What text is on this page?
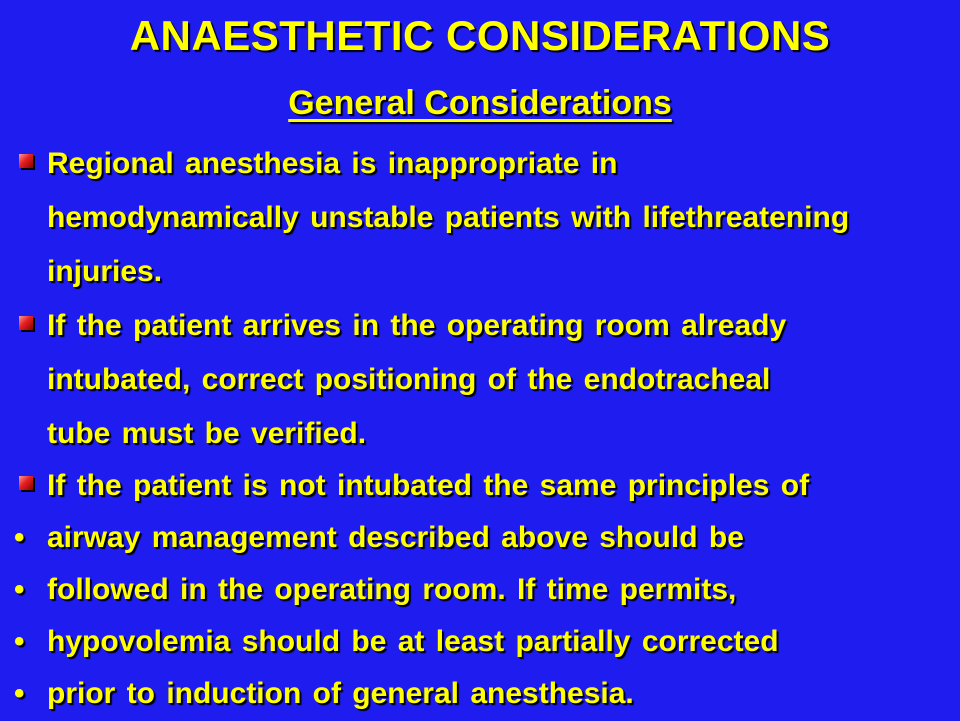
ANAESTHETIC CONSIDERATIONS
General Considerations
Regional anesthesia is inappropriate in
hemodynamically unstable patients with lifethreatening
injuries.
If the patient arrives in the operating room already
intubated, correct positioning of the endotracheal
tube must be verified.
If the patient is not intubated the same principles of
• airway management described above should be
• followed in the operating room. If time permits,
• hypovolemia should be at least partially corrected
• prior to induction of general anesthesia.
